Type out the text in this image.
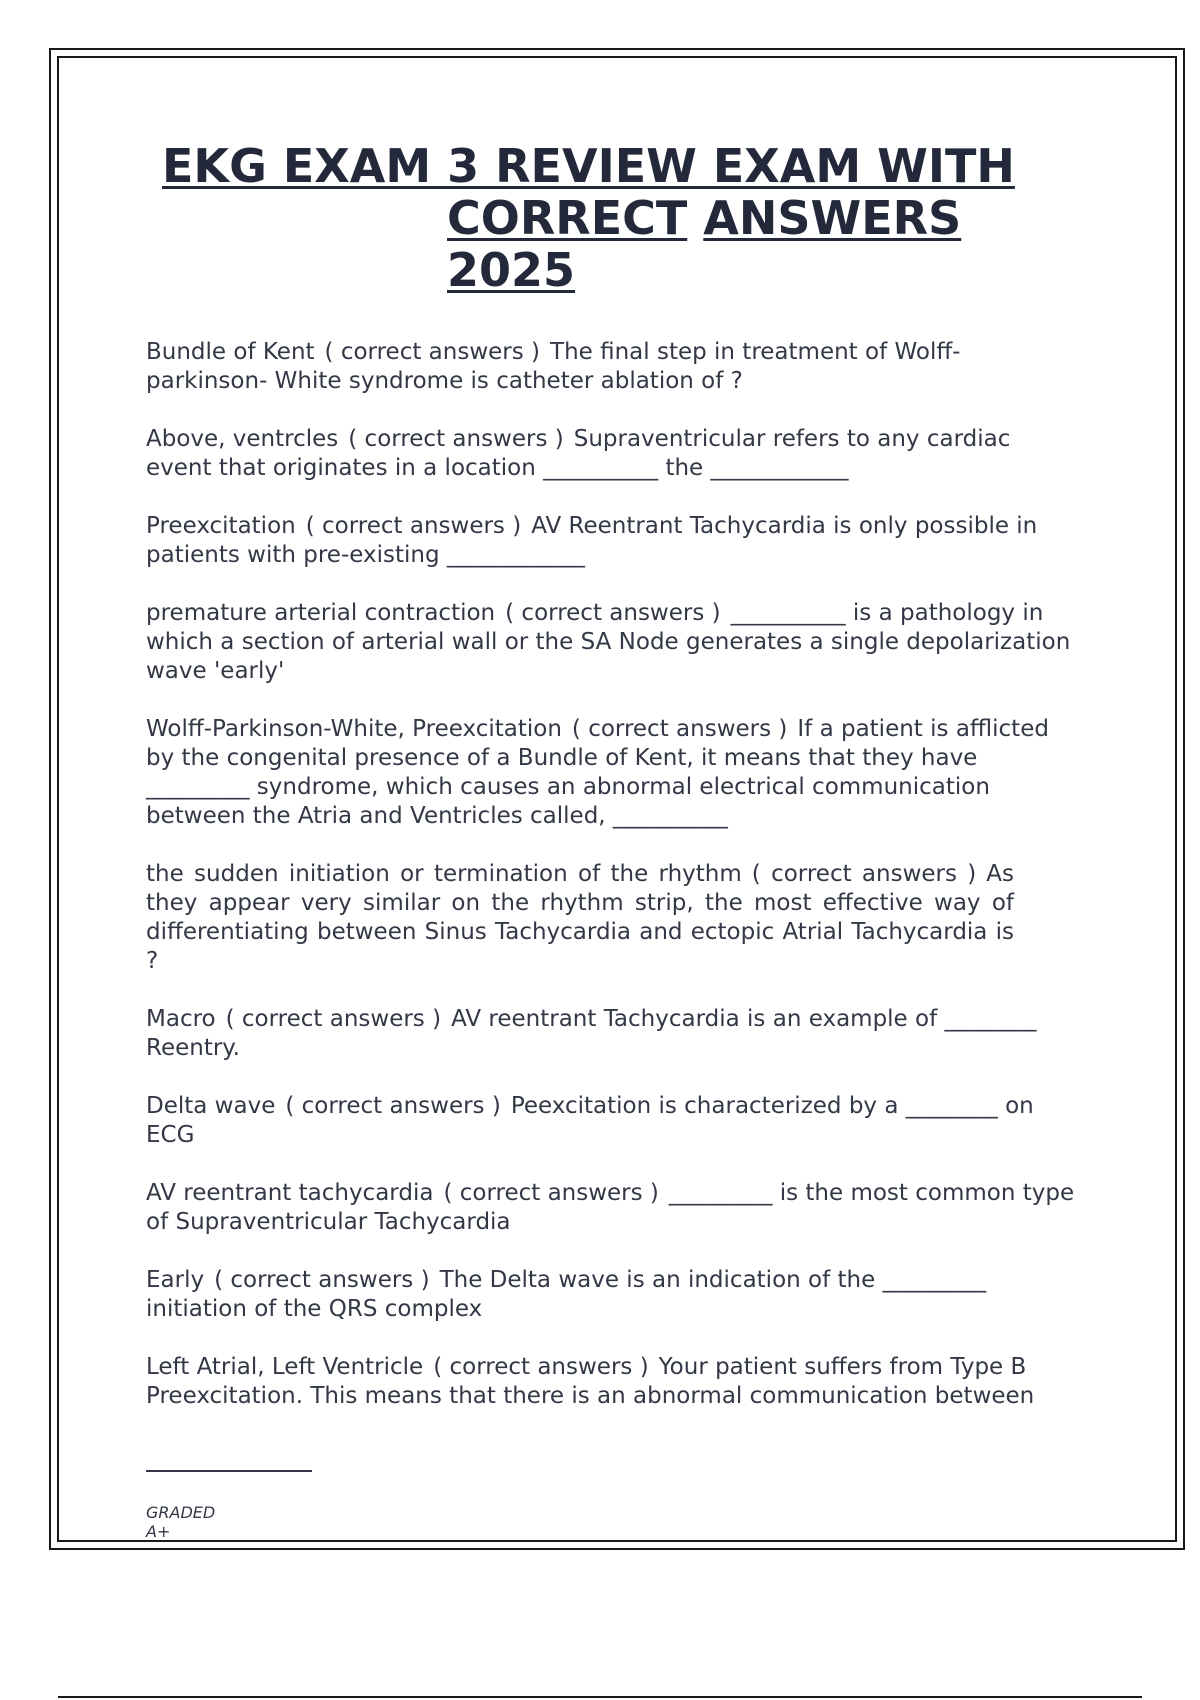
EKG EXAM 3 REVIEW EXAM WITH
CORRECT ANSWERS
2025

Bundle of Kent ( correct answers ) The final step in treatment of Wolff-parkinson- White syndrome is catheter ablation of ?

Above, ventrcles ( correct answers ) Supraventricular refers to any cardiac event that originates in a location __________ the ____________

Preexcitation ( correct answers ) AV Reentrant Tachycardia is only possible in patients with pre-existing ____________

premature arterial contraction ( correct answers ) __________ is a pathology in which a section of arterial wall or the SA Node generates a single depolarization wave 'early'

Wolff-Parkinson-White, Preexcitation ( correct answers ) If a patient is afflicted by the congenital presence of a Bundle of Kent, it means that they have _________ syndrome, which causes an abnormal electrical communication between the Atria and Ventricles called, __________

the sudden initiation or termination of the rhythm ( correct answers ) As they appear very similar on the rhythm strip, the most effective way of differentiating between Sinus Tachycardia and ectopic Atrial Tachycardia is ?

Macro ( correct answers ) AV reentrant Tachycardia is an example of ________ Reentry.

Delta wave ( correct answers ) Peexcitation is characterized by a ________ on ECG

AV reentrant tachycardia ( correct answers ) _________ is the most common type of Supraventricular Tachycardia

Early ( correct answers ) The Delta wave is an indication of the _________ initiation of the QRS complex

Left Atrial, Left Ventricle ( correct answers ) Your patient suffers from Type B Preexcitation. This means that there is an abnormal communication between

GRADED
A+
